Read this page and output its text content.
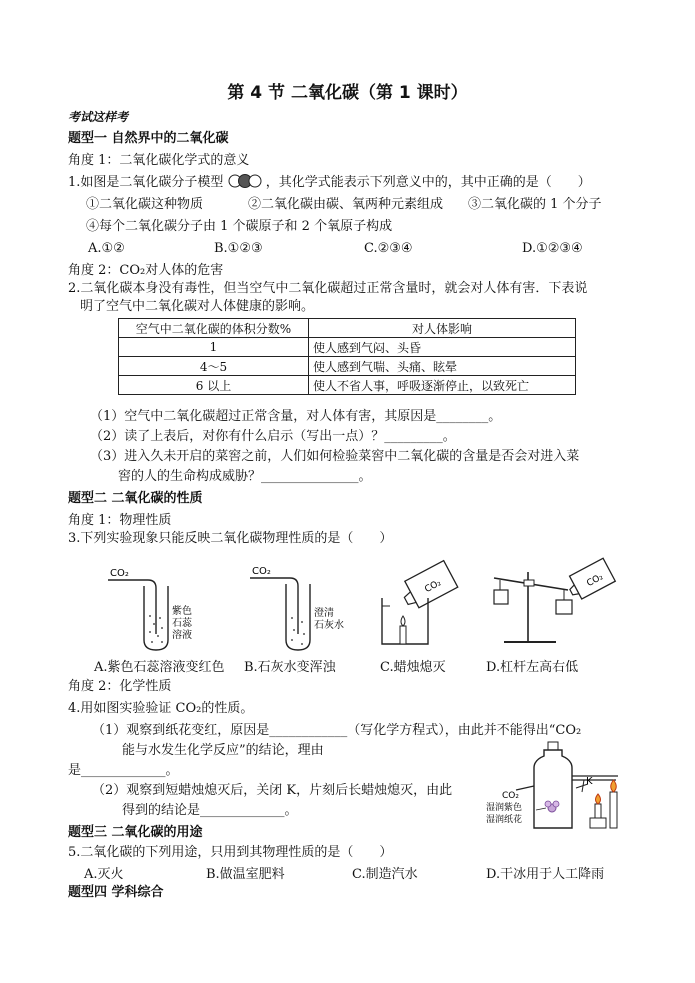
第 4 节 二氧化碳（第 1 课时）
考试这样考
题型一 自然界中的二氧化碳
角度 1：二氧化碳化学式的意义
1.如图是二氧化碳分子模型	，其化学式能表示下列意义中的，其中正确的是（　　）
①二氧化碳这种物质	②二氧化碳由碳、氧两种元素组成 ③二氧化碳的 1 个分子
④每个二氧化碳分子由 1 个碳原子和 2 个氧原子构成
A.①②	B.①②③	C.②③④	D.①②③④
角度 2：CO₂对人体的危害
2.二氧化碳本身没有毒性，但当空气中二氧化碳超过正常含量时，就会对人体有害．下表说
明了空气中二氧化碳对人体健康的影响。
空气中二氧化碳的体积分数%	对人体影响
1	使人感到气闷、头昏
4～5	使人感到气喘、头痛、眩晕
6 以上	使人不省人事，呼吸逐渐停止，以致死亡
（1）空气中二氧化碳超过正常含量，对人体有害，其原因是________。
（2）读了上表后，对你有什么启示（写出一点）？_________。
（3）进入久未开启的菜窖之前，人们如何检验菜窖中二氧化碳的含量是否会对进入菜
窖的人的生命构成威胁？_______________。
题型二 二氧化碳的性质
角度 1：物理性质
3.下列实验现象只能反映二氧化碳物理性质的是（　　）
CO₂
紫色
石蕊
溶液
CO₂
澄清
石灰水
CO₂	CO₂
A.紫色石蕊溶液变红色 B.石灰水变浑浊	C.蜡烛熄灭	D.杠杆左高右低
角度 2：化学性质
4.用如图实验验证 CO₂的性质。
（1）观察到纸花变红，原因是____________（写化学方程式），由此并不能得出“CO₂
能与水发生化学反应”的结论，理由
是_____________。
（2）观察到短蜡烛熄灭后，关闭 K，片刻后长蜡烛熄灭，由此
得到的结论是_____________。
CO₂
K
湿润紫色
湿润纸花
题型三 二氧化碳的用途
5.二氧化碳的下列用途，只用到其物理性质的是（　　）
A.灭火	B.做温室肥料	C.制造汽水	D.干冰用于人工降雨
题型四 学科综合
